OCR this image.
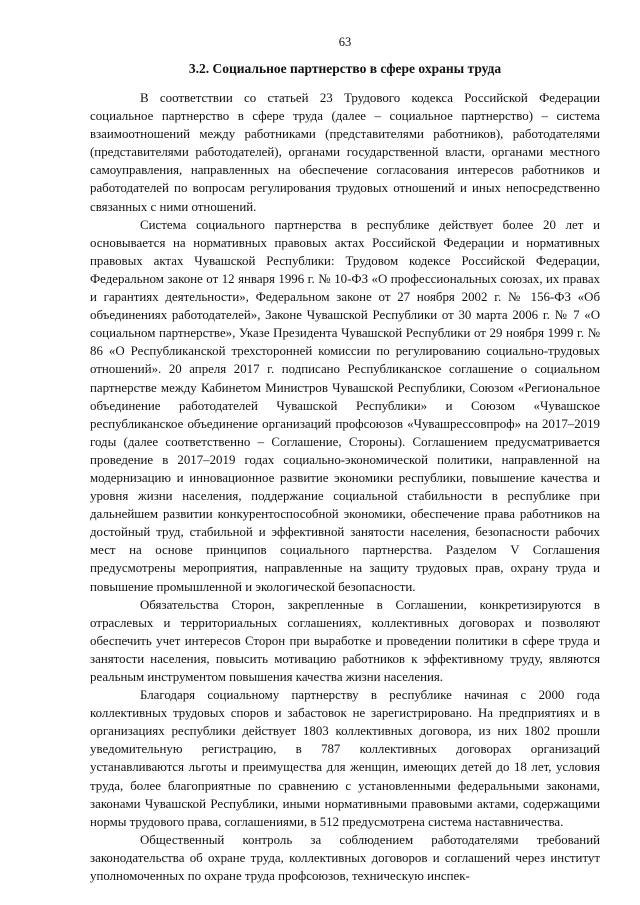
63
3.2. Социальное партнерство в сфере охраны труда

В соответствии со статьей 23 Трудового кодекса Российской Федерации социальное партнерство в сфере труда (далее – социальное партнерство) – система взаимоотношений между работниками (представителями работников), работодателями (представителями работодателей), органами государственной власти, органами местного самоуправления, направленных на обеспечение согласования интересов работников и работодателей по вопросам регулирования трудовых отношений и иных непосредственно связанных с ними отношений.

Система социального партнерства в республике действует более 20 лет и основывается на нормативных правовых актах Российской Федерации и нормативных правовых актах Чувашской Республики: Трудовом кодексе Российской Федерации, Федеральном законе от 12 января 1996 г. № 10-ФЗ «О профессиональных союзах, их правах и гарантиях деятельности», Федеральном законе от 27 ноября 2002 г. № 156-ФЗ «Об объединениях работодателей», Законе Чувашской Республики от 30 марта 2006 г. № 7 «О социальном партнерстве», Указе Президента Чувашской Республики от 29 ноября 1999 г. № 86 «О Республиканской трехсторонней комиссии по регулированию социально-трудовых отношений». 20 апреля 2017 г. подписано Республиканское соглашение о социальном партнерстве между Кабинетом Министров Чувашской Республики, Союзом «Региональное объединение работодателей Чувашской Республики» и Союзом «Чувашское республиканское объединение организаций профсоюзов «Чувашрессовпроф» на 2017–2019 годы (далее соответственно – Соглашение, Стороны). Соглашением предусматривается проведение в 2017–2019 годах социально-экономической политики, направленной на модернизацию и инновационное развитие экономики республики, повышение качества и уровня жизни населения, поддержание социальной стабильности в республике при дальнейшем развитии конкурентоспособной экономики, обеспечение права работников на достойный труд, стабильной и эффективной занятости населения, безопасности рабочих мест на основе принципов социального партнерства. Разделом V Соглашения предусмотрены мероприятия, направленные на защиту трудовых прав, охрану труда и повышение промышленной и экологической безопасности.

Обязательства Сторон, закрепленные в Соглашении, конкретизируются в отраслевых и территориальных соглашениях, коллективных договорах и позволяют обеспечить учет интересов Сторон при выработке и проведении политики в сфере труда и занятости населения, повысить мотивацию работников к эффективному труду, являются реальным инструментом повышения качества жизни населения.

Благодаря социальному партнерству в республике начиная с 2000 года коллективных трудовых споров и забастовок не зарегистрировано. На предприятиях и в организациях республики действует 1803 коллективных договора, из них 1802 прошли уведомительную регистрацию, в 787 коллективных договорах организаций устанавливаются льготы и преимущества для женщин, имеющих детей до 18 лет, условия труда, более благоприятные по сравнению с установленными федеральными законами, законами Чувашской Республики, иными нормативными правовыми актами, содержащими нормы трудового права, соглашениями, в 512 предусмотрена система наставничества.

Общественный контроль за соблюдением работодателями требований законодательства об охране труда, коллективных договоров и соглашений через институт уполномоченных по охране труда профсоюзов, техническую инспек-
